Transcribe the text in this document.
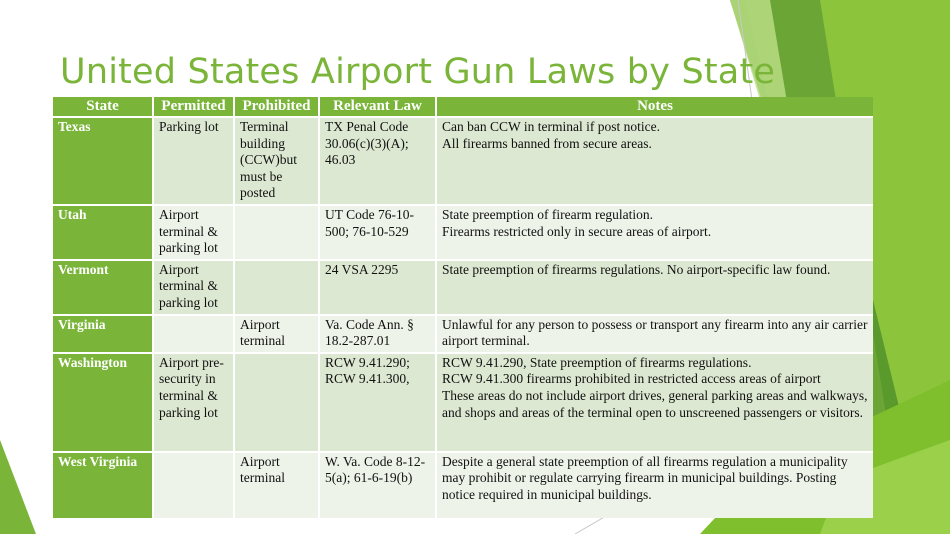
United States Airport Gun Laws by State
State	Permitted	Prohibited	Relevant Law	Notes
Texas	Parking lot	Terminal building (CCW)but must be posted	TX Penal Code 30.06(c)(3)(A); 46.03	Can ban CCW in terminal if post notice.
All firearms banned from secure areas.

Utah	Airport terminal & parking lot		UT Code 76-10-500; 76-10-529	State preemption of firearm regulation.
Firearms restricted only in secure areas of airport.

Vermont	Airport terminal & parking lot		24 VSA 2295	State preemption of firearms regulations. No airport-specific law found.

Virginia		Airport terminal	Va. Code Ann. § 18.2-287.01	Unlawful for any person to possess or transport any firearm into any air carrier airport terminal.

Washington	Airport pre-security in terminal & parking lot		RCW 9.41.290; RCW 9.41.300,	RCW 9.41.290, State preemption of firearms regulations.
RCW 9.41.300 firearms prohibited in restricted access areas of airport
These areas do not include airport drives, general parking areas and walkways, and shops and areas of the terminal open to unscreened passengers or visitors.

West Virginia		Airport terminal	W. Va. Code 8-12-5(a); 61-6-19(b)	Despite a general state preemption of all firearms regulation a municipality may prohibit or regulate carrying firearm in municipal buildings. Posting notice required in municipal buildings.
